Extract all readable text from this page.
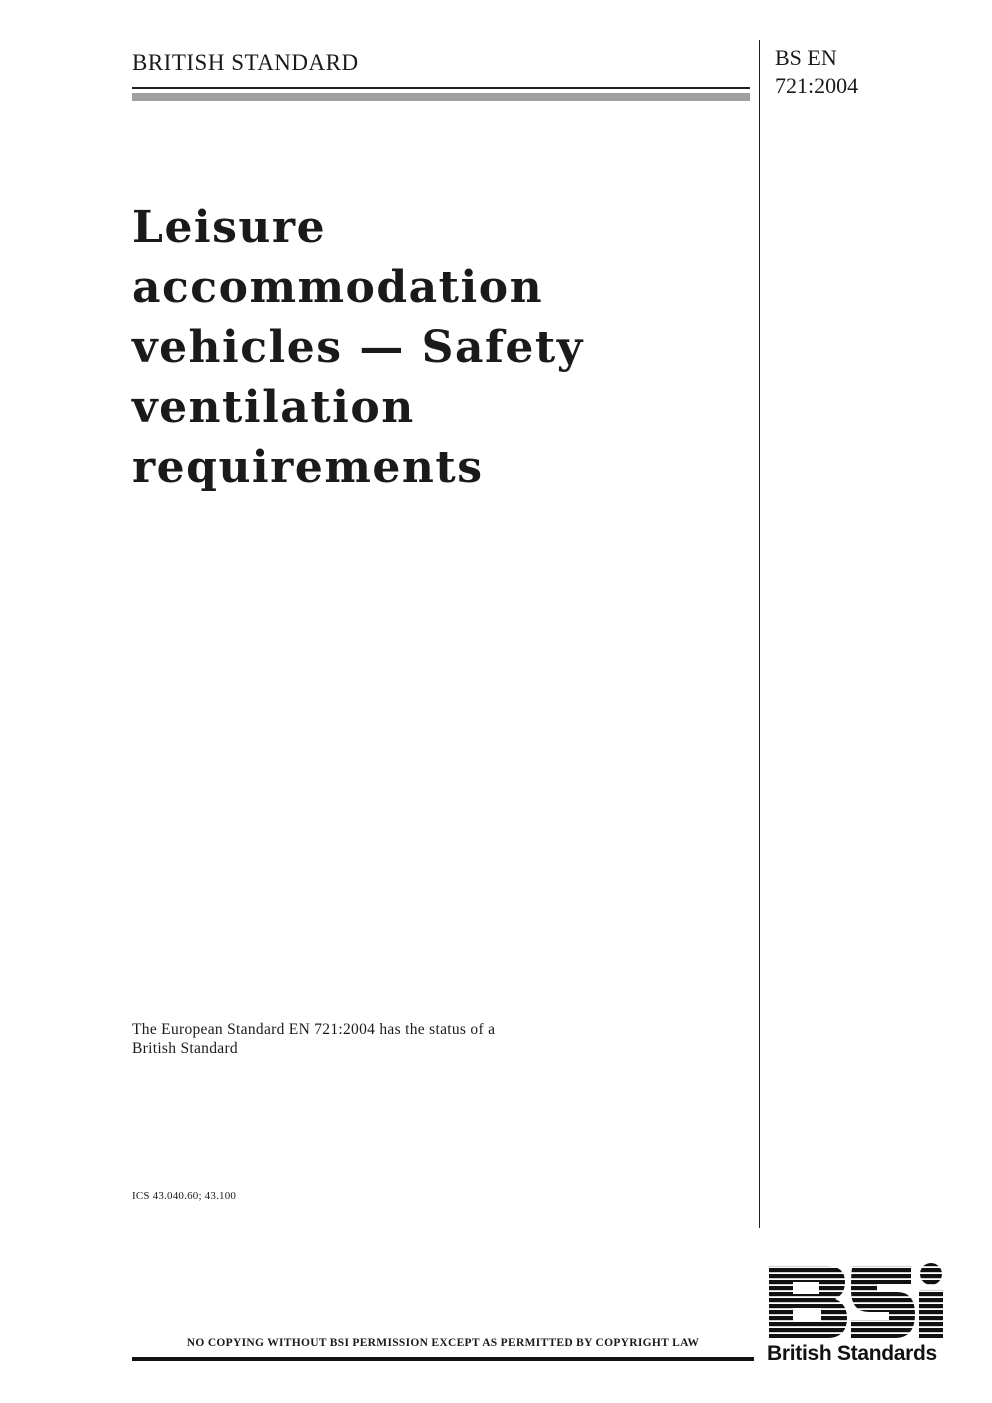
BRITISH STANDARD	BS EN
721:2004
Leisure
accommodation
vehicles — Safety
ventilation
requirements
The European Standard EN 721:2004 has the status of a
British Standard
ICS 43.040.60; 43.100
NO COPYING WITHOUT BSI PERMISSION EXCEPT AS PERMITTED BY COPYRIGHT LAW	British Standards
